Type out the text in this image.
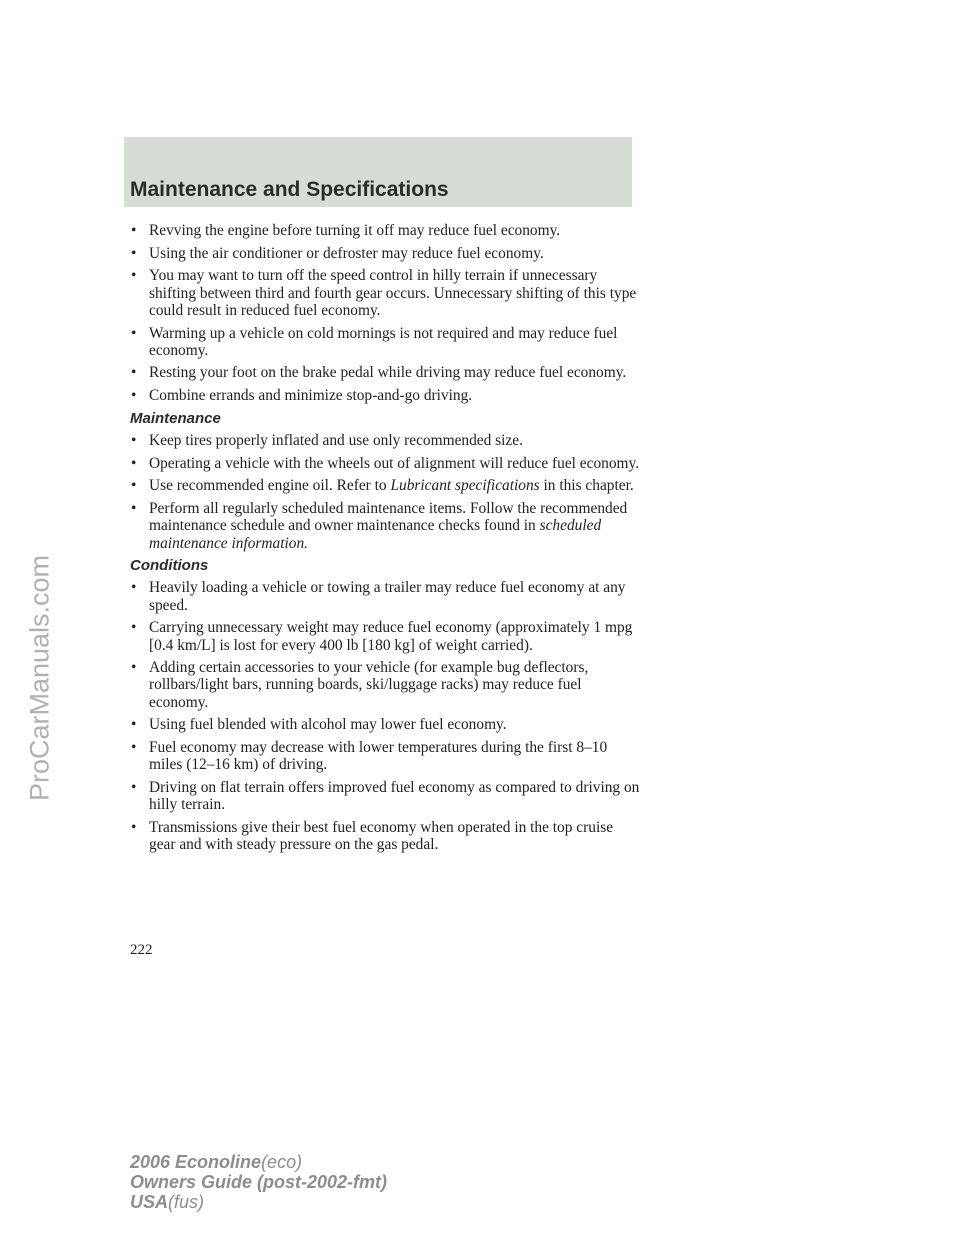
Maintenance and Specifications
• Revving the engine before turning it off may reduce fuel economy.
• Using the air conditioner or defroster may reduce fuel economy.
• You may want to turn off the speed control in hilly terrain if unnecessary shifting between third and fourth gear occurs. Unnecessary shifting of this type could result in reduced fuel economy.
• Warming up a vehicle on cold mornings is not required and may reduce fuel economy.
• Resting your foot on the brake pedal while driving may reduce fuel economy.
• Combine errands and minimize stop-and-go driving.
Maintenance
• Keep tires properly inflated and use only recommended size.
• Operating a vehicle with the wheels out of alignment will reduce fuel economy.
• Use recommended engine oil. Refer to Lubricant specifications in this chapter.
• Perform all regularly scheduled maintenance items. Follow the recommended maintenance schedule and owner maintenance checks found in scheduled maintenance information.
Conditions
• Heavily loading a vehicle or towing a trailer may reduce fuel economy at any speed.
• Carrying unnecessary weight may reduce fuel economy (approximately 1 mpg [0.4 km/L] is lost for every 400 lb [180 kg] of weight carried).
• Adding certain accessories to your vehicle (for example bug deflectors, rollbars/light bars, running boards, ski/luggage racks) may reduce fuel economy.
• Using fuel blended with alcohol may lower fuel economy.
• Fuel economy may decrease with lower temperatures during the first 8–10 miles (12–16 km) of driving.
• Driving on flat terrain offers improved fuel economy as compared to driving on hilly terrain.
• Transmissions give their best fuel economy when operated in the top cruise gear and with steady pressure on the gas pedal.
222
2006 Econoline(eco)
Owners Guide (post-2002-fmt)
USA(fus)
ProCarManuals.com
